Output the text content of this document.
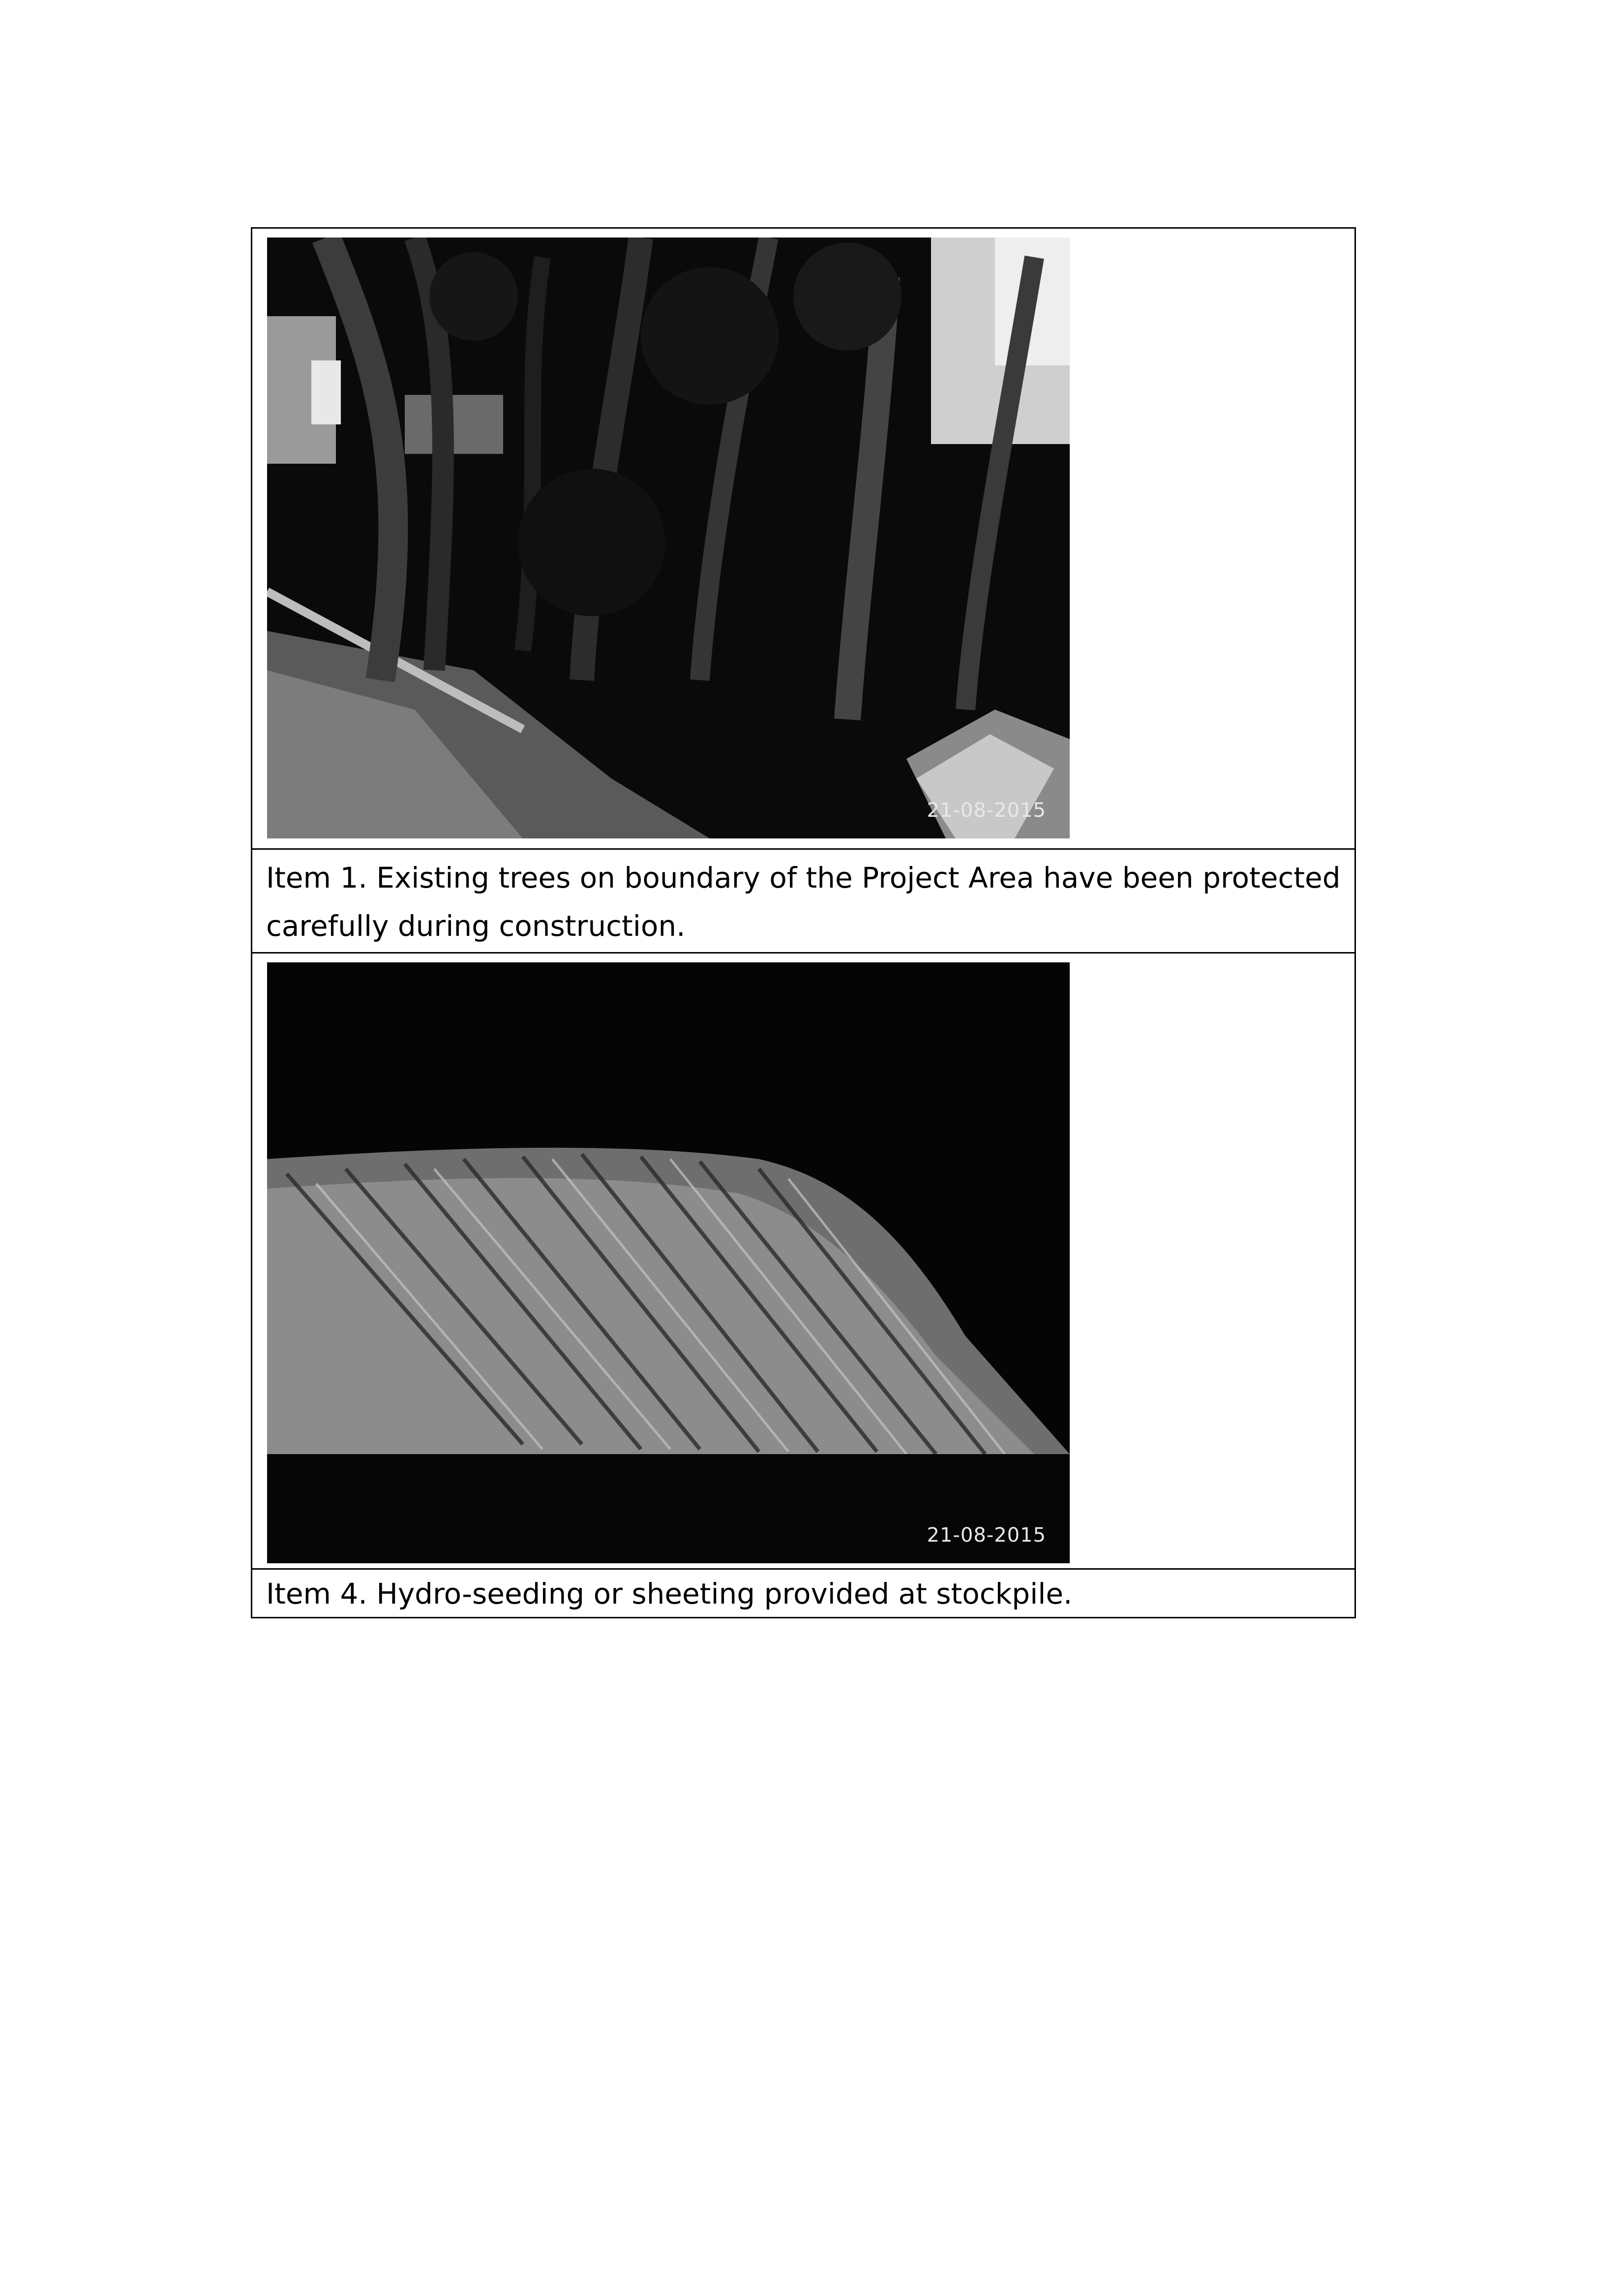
21-08-2015

Item 1. Existing trees on boundary of the Project Area have been protected carefully during construction.

21-08-2015

Item 4. Hydro-seeding or sheeting provided at stockpile.
